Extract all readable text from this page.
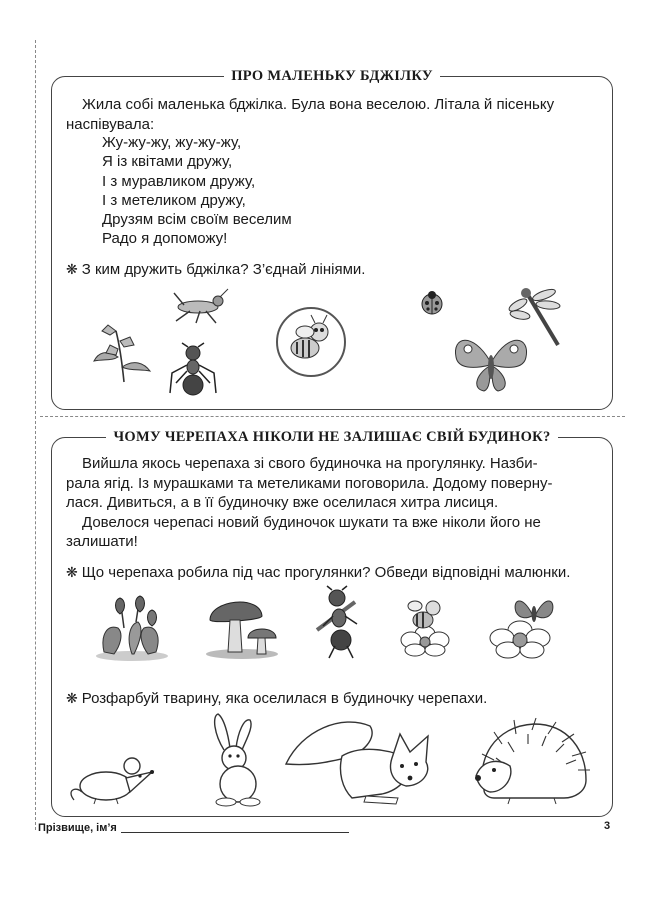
ПРО МАЛЕНЬКУ БДЖІЛКУ
Жила собі маленька бджілка. Була вона веселою. Літала й пісеньку
наспівувала:
Жу-жу-жу, жу-жу-жу,
Я із квітами дружу,
І з муравликом дружу,
І з метеликом дружу,
Друзям всім своїм веселим
Радо я допоможу!
❋ З ким дружить бджілка? З’єднай лініями.
ЧОМУ ЧЕРЕПАХА НІКОЛИ НЕ ЗАЛИШАЄ СВІЙ БУДИНОК?
Вийшла якось черепаха зі свого будиночка на прогулянку. Назби-
рала ягід. Із мурашками та метеликами поговорила. Додому поверну-
лася. Дивиться, а в її будиночку вже оселилася хитра лисиця.
Довелося черепасі новий будиночок шукати та вже ніколи його не
залишати!
❋ Що черепаха робила під час прогулянки? Обведи відповідні малюнки.
❋ Розфарбуй тварину, яка оселилася в будиночку черепахи.
Прізвище, ім’я	3
